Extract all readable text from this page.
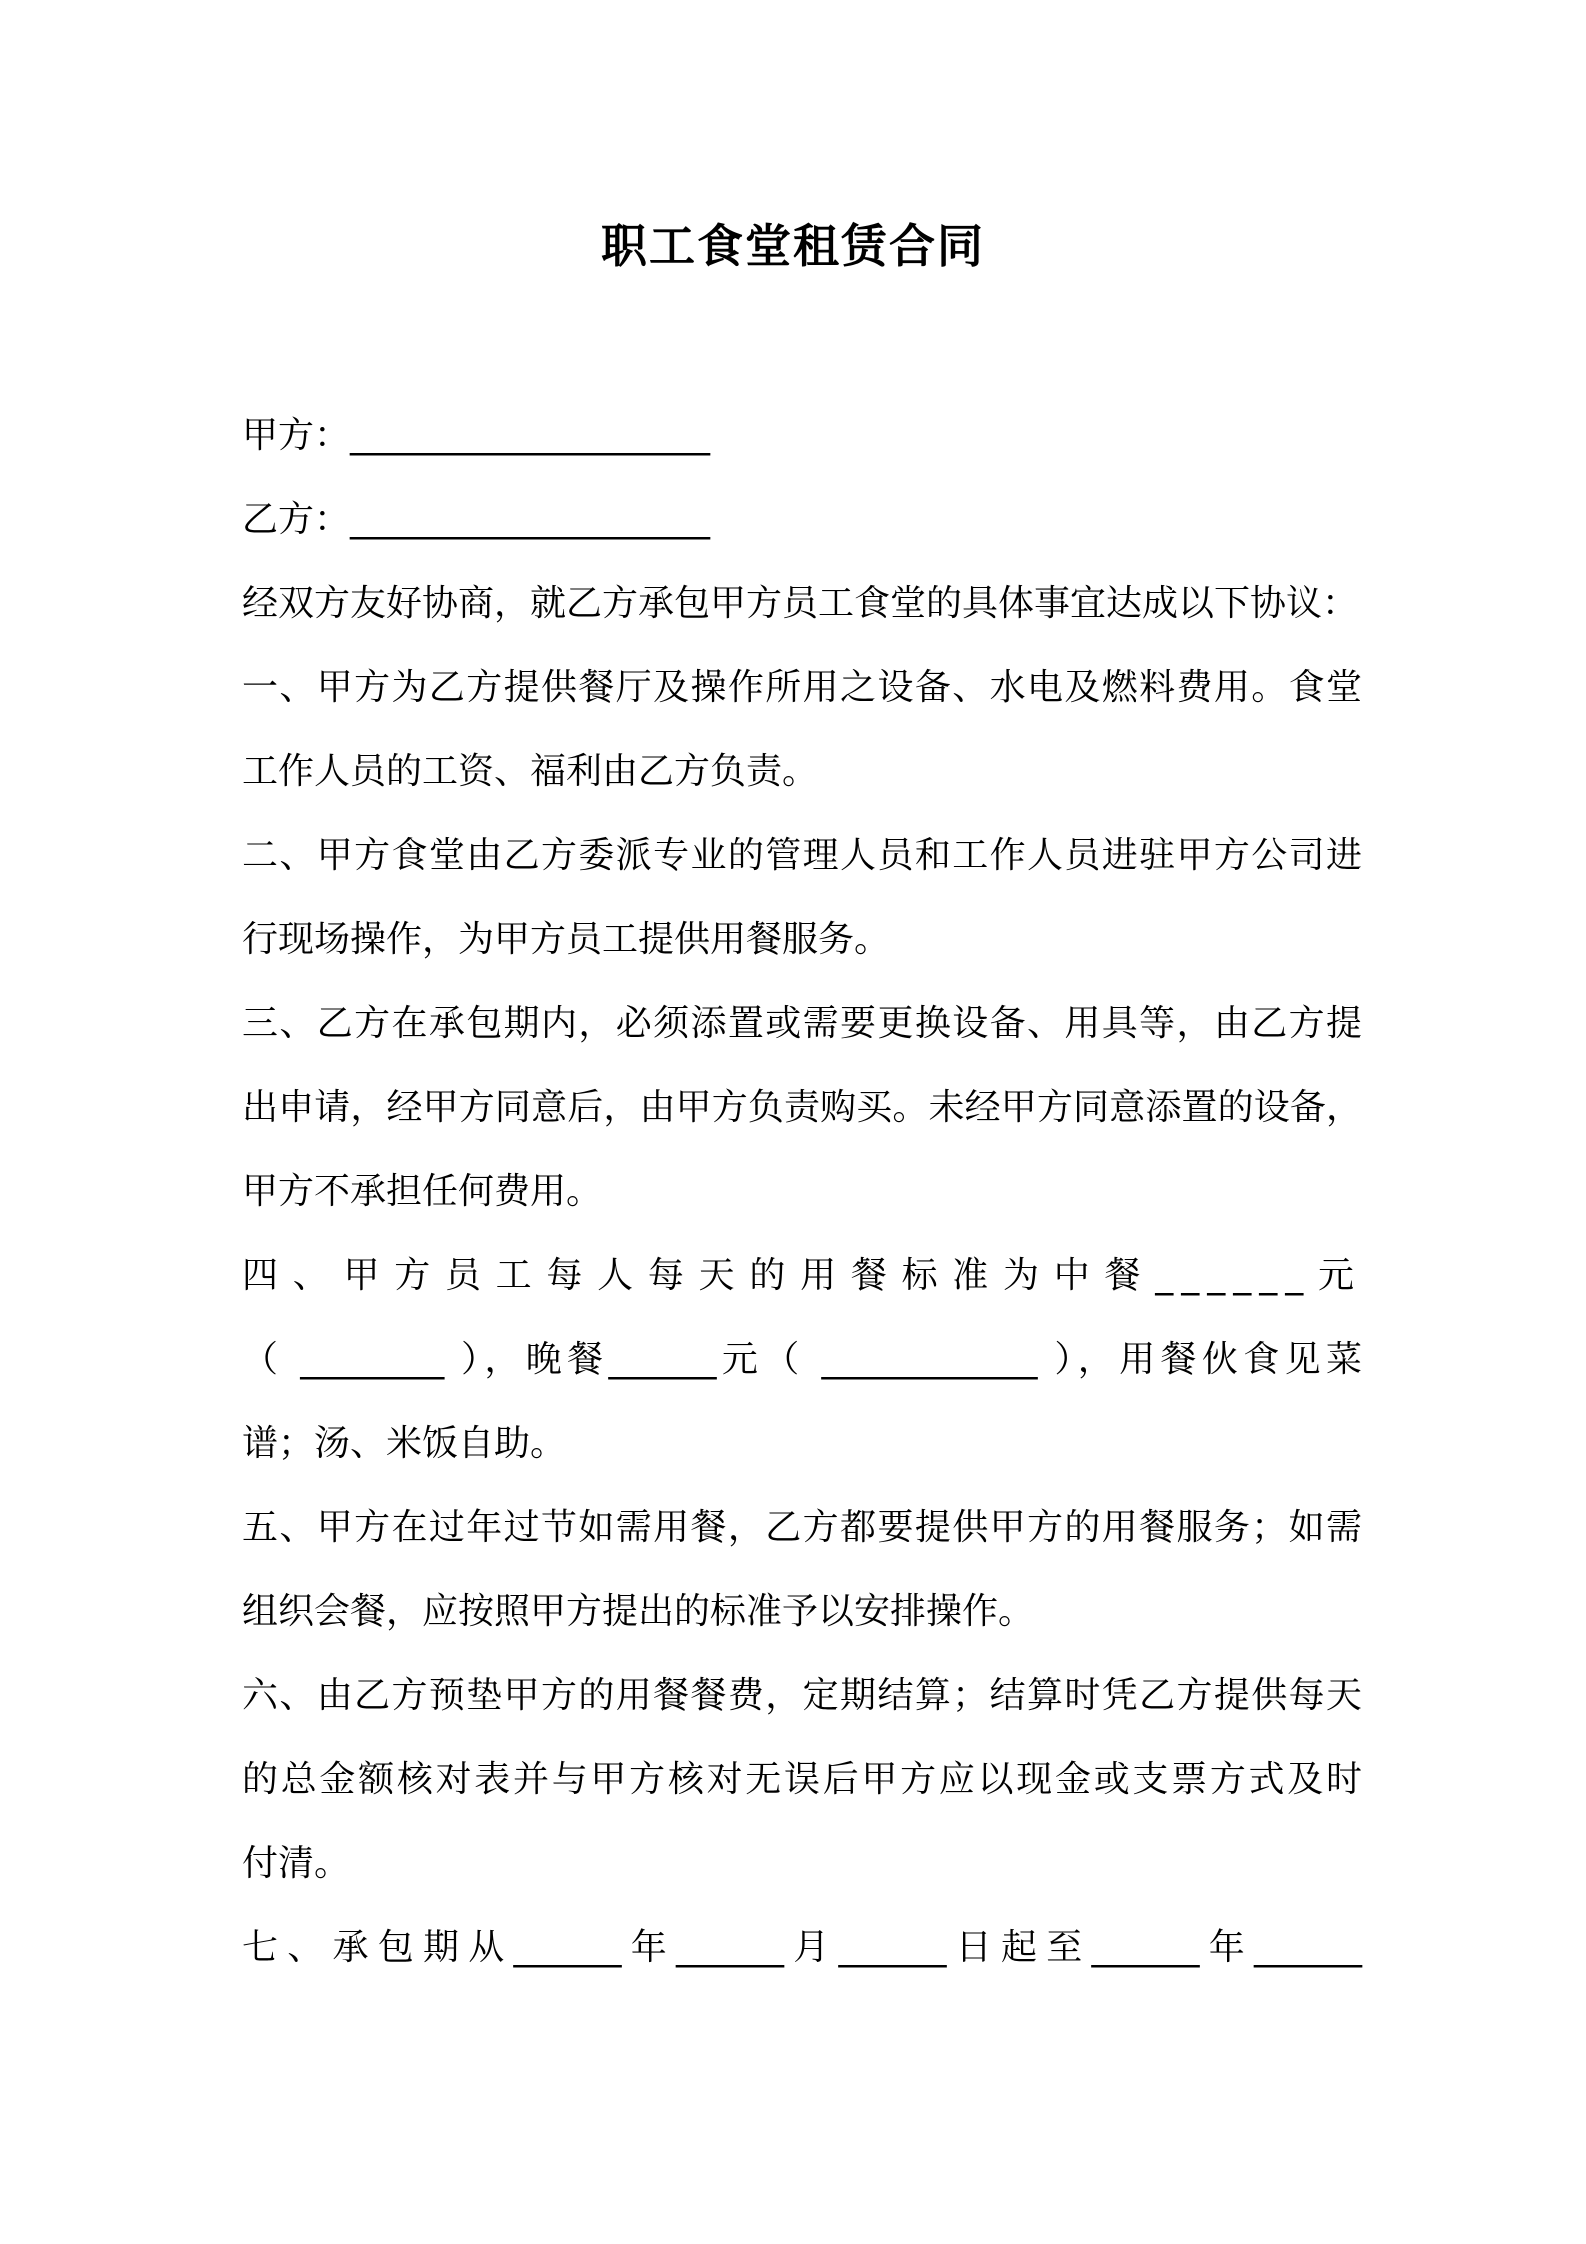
职工食堂租赁合同

甲方：____________________

乙方：____________________

经双方友好协商，就乙方承包甲方员工食堂的具体事宜达成以下协议：

一、甲方为乙方提供餐厅及操作所用之设备、水电及燃料费用。食堂

工作人员的工资、福利由乙方负责。

二、甲方食堂由乙方委派专业的管理人员和工作人员进驻甲方公司进

行现场操作，为甲方员工提供用餐服务。

三、乙方在承包期内，必须添置或需要更换设备、用具等，由乙方提

出申请，经甲方同意后，由甲方负责购买。未经甲方同意添置的设备，

甲方不承担任何费用。

四、甲方员工每人每天的用餐标准为中餐______元

（ ________ ），晚餐______元（ ____________ ），用餐伙食见菜

谱；汤、米饭自助。

五、甲方在过年过节如需用餐，乙方都要提供甲方的用餐服务；如需

组织会餐，应按照甲方提出的标准予以安排操作。

六、由乙方预垫甲方的用餐餐费，定期结算；结算时凭乙方提供每天

的总金额核对表并与甲方核对无误后甲方应以现金或支票方式及时

付清。

七、承包期从______年______月______日起至______年______
